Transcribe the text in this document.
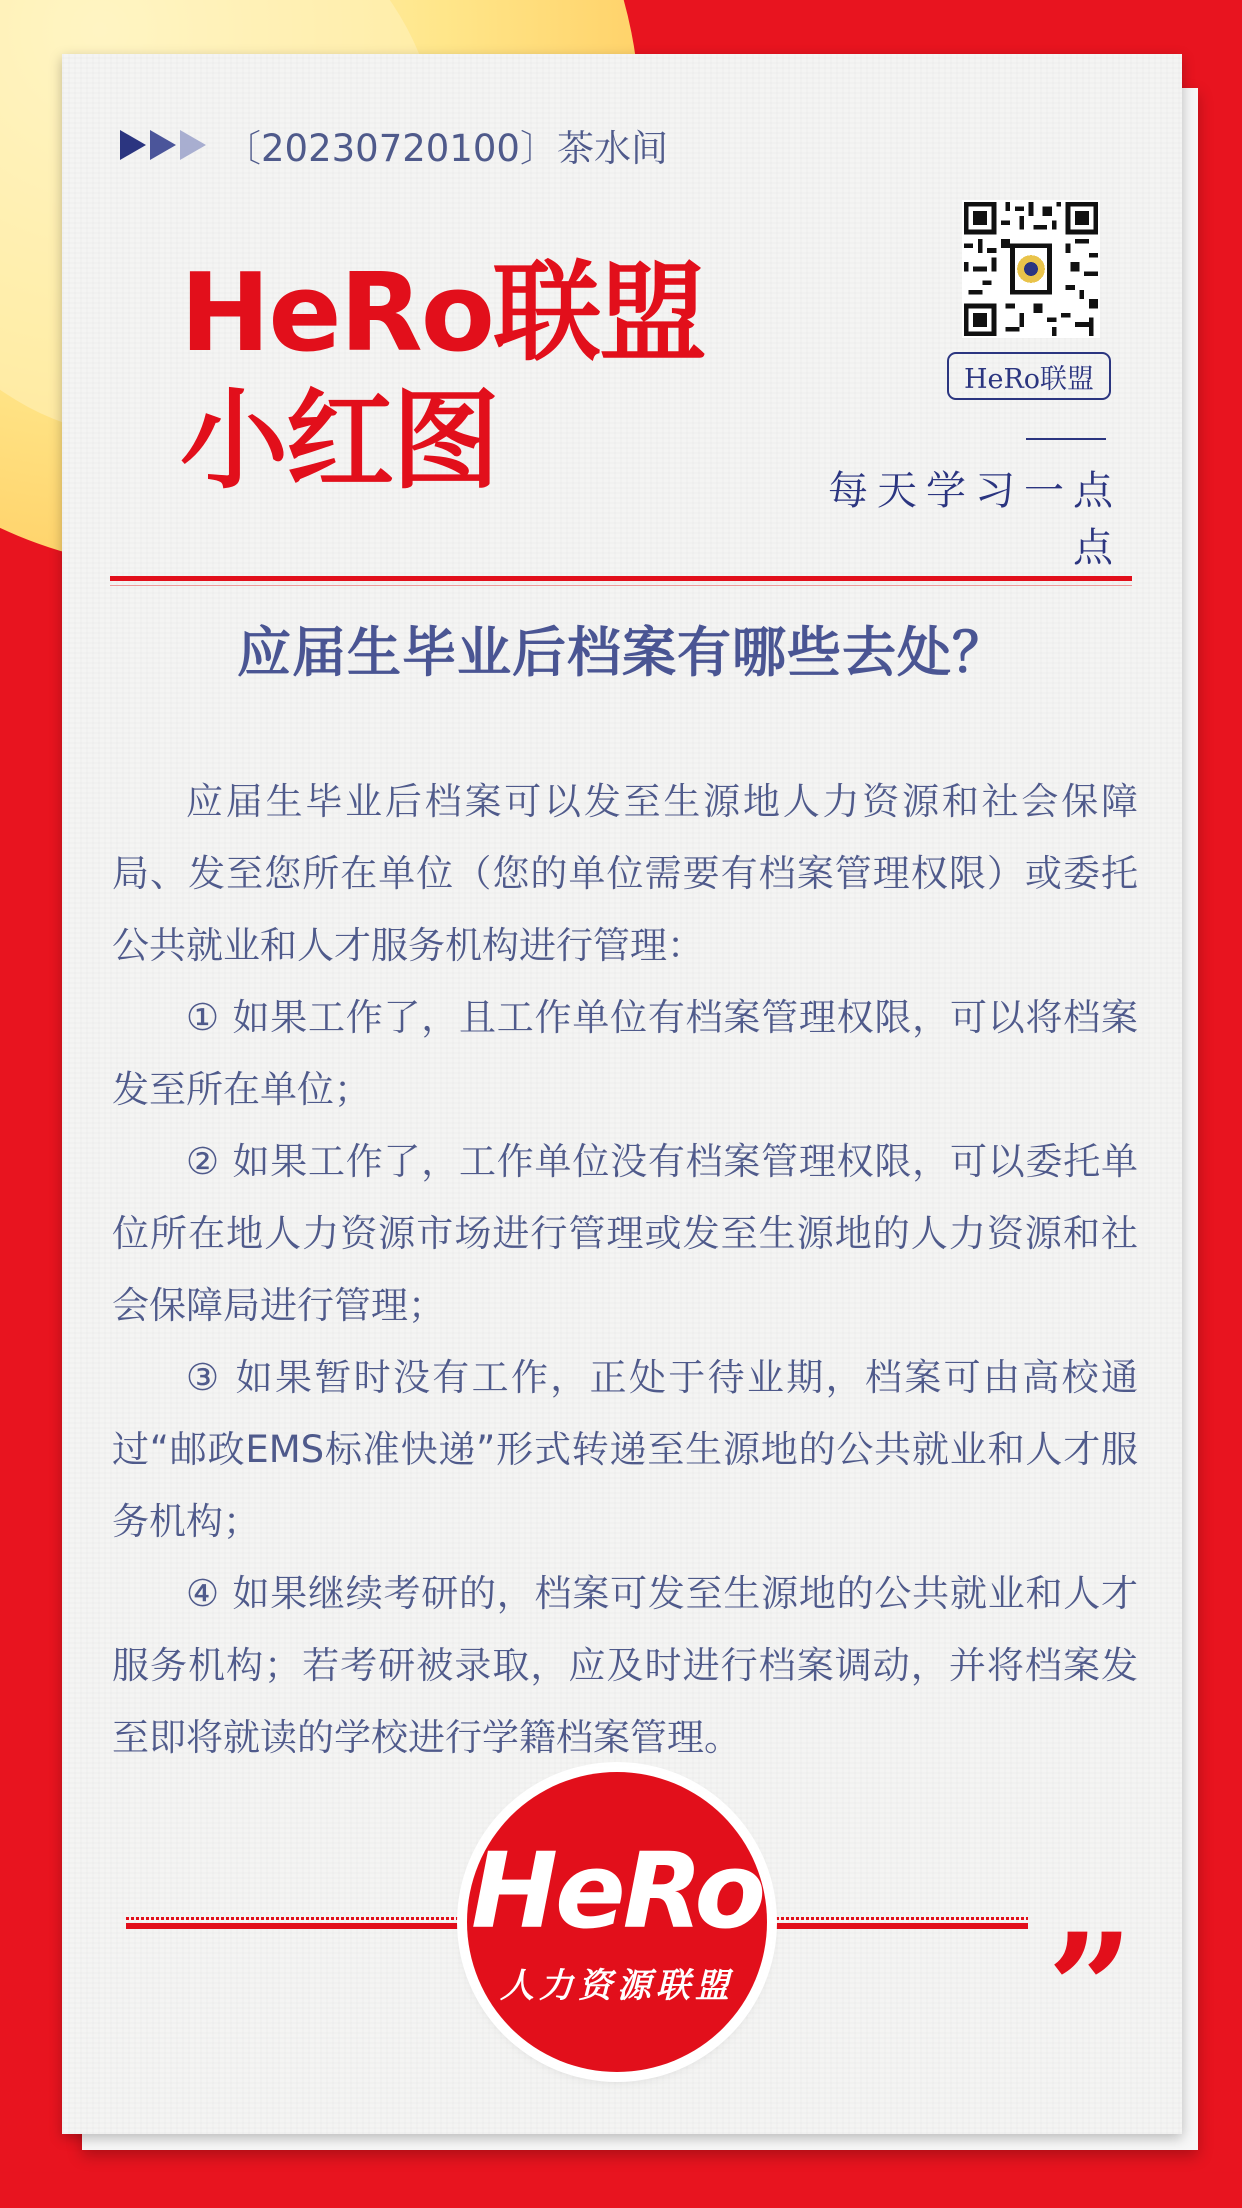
〔20230720100〕茶水间
HeRo联盟
小红图	HeRo联盟
每天学习一点点
应届生毕业后档案有哪些去处？

应届生毕业后档案可以发至生源地人力资源和社会保障局、发至您所在单位（您的单位需要有档案管理权限）或委托公共就业和人才服务机构进行管理：

① 如果工作了，且工作单位有档案管理权限，可以将档案发至所在单位；

② 如果工作了，工作单位没有档案管理权限，可以委托单位所在地人力资源市场进行管理或发至生源地的人力资源和社会保障局进行管理；

③ 如果暂时没有工作，正处于待业期，档案可由高校通过“邮政EMS标准快递”形式转递至生源地的公共就业和人才服务机构；

④ 如果继续考研的，档案可发至生源地的公共就业和人才服务机构；若考研被录取，应及时进行档案调动，并将档案发至即将就读的学校进行学籍档案管理。

HeRo
人力资源联盟 ”
